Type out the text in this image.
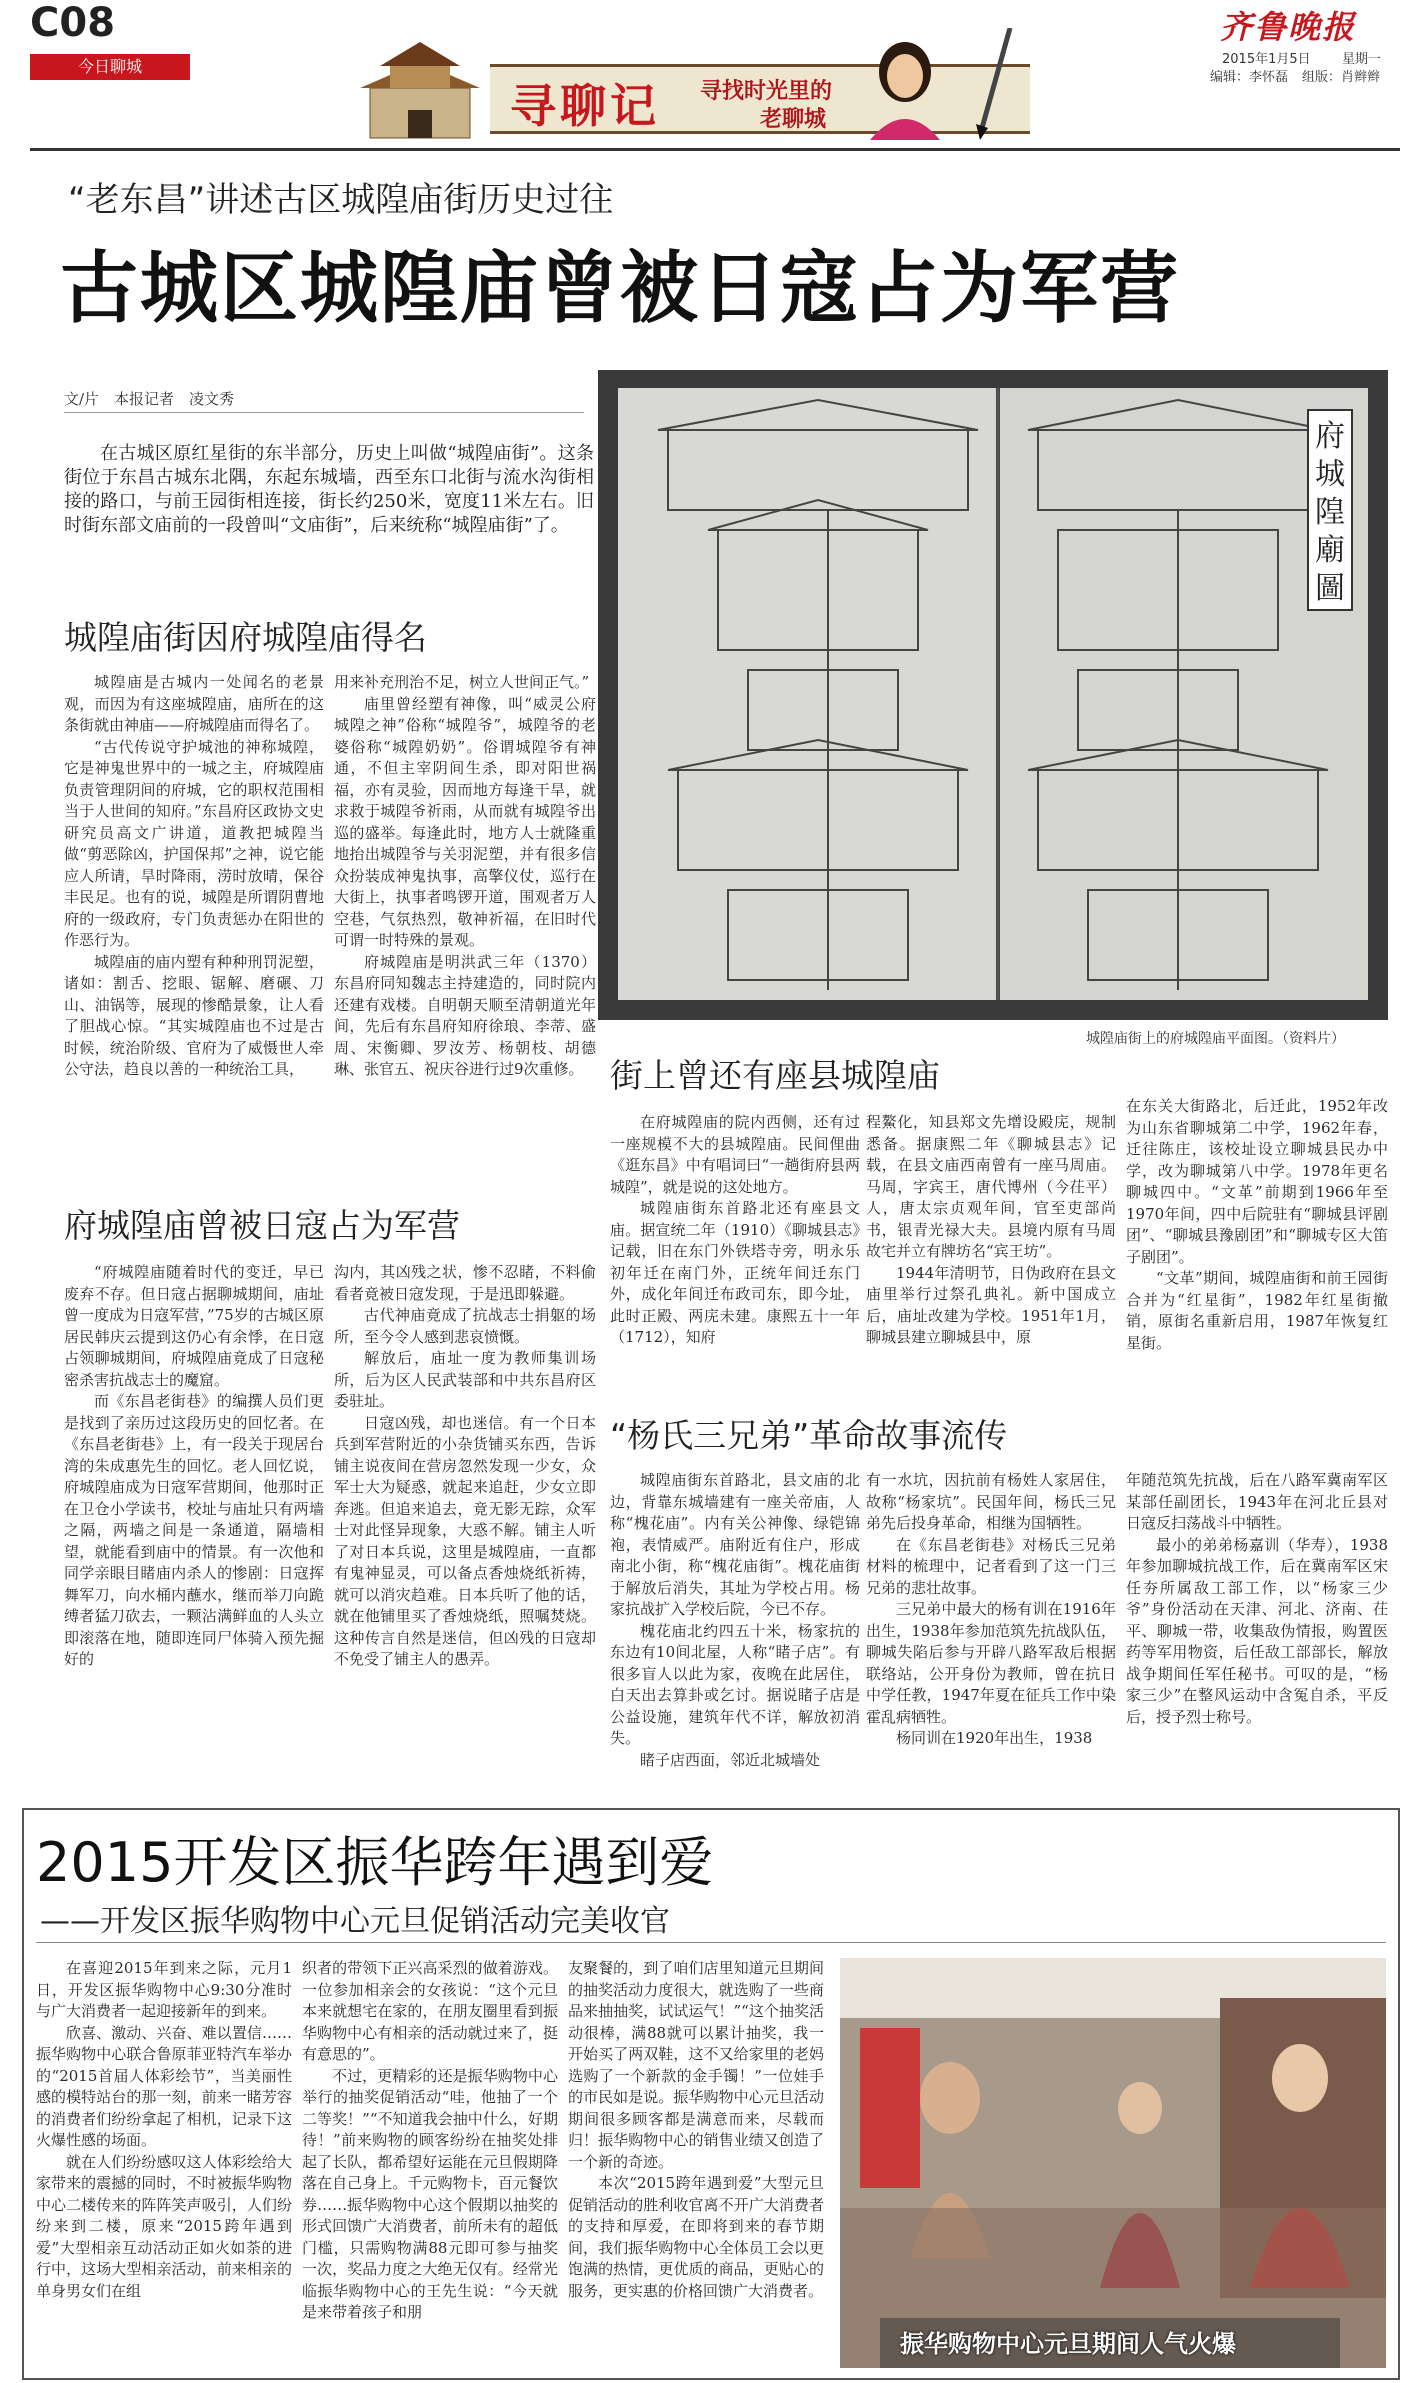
C08
今日聊城
寻聊记 寻找时光里的
老聊城
齐鲁晚报
2015年1月5日 星期一
编辑：李怀磊 组版：肖辫辫
“老东昌”讲述古区城隍庙街历史过往
古城区城隍庙曾被日寇占为军营
文/片　本报记者　凌文秀

在古城区原红星街的东半部分，历史上叫做“城隍庙街”。这条街位于东昌古城东北隅，东起东城墙，西至东口北街与流水沟街相接的路口，与前王园街相连接，街长约250米，宽度11米左右。旧时街东部文庙前的一段曾叫“文庙街”，后来统称“城隍庙街”了。

城隍庙街因府城隍庙得名

城隍庙是古城内一处闻名的老景观，而因为有这座城隍庙，庙所在的这条街就由神庙——府城隍庙而得名了。

“古代传说守护城池的神称城隍，它是神鬼世界中的一城之主，府城隍庙负责管理阴间的府城，它的职权范围相当于人世间的知府。”东昌府区政协文史研究员高文广讲道，道教把城隍当做“剪恶除凶，护国保邦”之神，说它能应人所请，旱时降雨，涝时放晴，保谷丰民足。也有的说，城隍是所谓阴曹地府的一级政府，专门负责惩办在阳世的作恶行为。

城隍庙的庙内塑有种种刑罚泥塑，诸如：割舌、挖眼、锯解、磨碾、刀山、油锅等，展现的惨酷景象，让人看了胆战心惊。“其实城隍庙也不过是古时候，统治阶级、官府为了威慑世人牵公守法，趋良以善的一种统治工具，

用来补充刑治不足，树立人世间正气。”

庙里曾经塑有神像，叫“威灵公府城隍之神”俗称“城隍爷”，城隍爷的老婆俗称“城隍奶奶”。俗谓城隍爷有神通，不但主宰阴间生杀，即对阳世祸福，亦有灵验，因而地方每逢干旱，就求救于城隍爷祈雨，从而就有城隍爷出巡的盛举。每逢此时，地方人士就隆重地抬出城隍爷与关羽泥塑，并有很多信众扮装成神鬼执事，高擎仪仗，巡行在大街上，执事者鸣锣开道，围观者万人空巷，气氛热烈，敬神祈福，在旧时代可谓一时特殊的景观。

府城隍庙是明洪武三年（1370）东昌府同知魏志主持建造的，同时院内还建有戏楼。自明朝天顺至清朝道光年间，先后有东昌府知府徐琅、李蒂、盛周、宋衡卿、罗汝芳、杨朝枝、胡德琳、张官五、祝庆谷进行过9次重修。

府城隍庙曾被日寇占为军营

“府城隍庙随着时代的变迁，早已废弃不存。但日寇占据聊城期间，庙址曾一度成为日寇军营，”75岁的古城区原居民韩庆云提到这仍心有余悸，在日寇占领聊城期间，府城隍庙竟成了日寇秘密杀害抗战志士的魔窟。

而《东昌老街巷》的编撰人员们更是找到了亲历过这段历史的回忆者。在《东昌老街巷》上，有一段关于现居台湾的朱成惠先生的回忆。老人回忆说，府城隍庙成为日寇军营期间，他那时正在卫仓小学读书，校址与庙址只有两墙之隔，两墙之间是一条通道，隔墙相望，就能看到庙中的情景。有一次他和同学亲眼目睹庙内杀人的惨剧：日寇挥舞军刀，向水桶内蘸水，继而举刀向跪缚者猛刀砍去，一颗沾满鲜血的人头立即滚落在地，随即连同尸体骑入预先掘好的

沟内，其凶残之状，惨不忍睹，不料偷看者竟被日寇发现，于是迅即躲避。

古代神庙竟成了抗战志士捐躯的场所，至今令人感到悲哀愤慨。

解放后，庙址一度为教师集训场所，后为区人民武装部和中共东昌府区委驻址。

日寇凶残，却也迷信。有一个日本兵到军营附近的小杂货铺买东西，告诉铺主说夜间在营房忽然发现一少女，众军士大为疑惑，就起来追赶，少女立即奔逃。但追来追去，竟无影无踪，众军士对此怪异现象，大惑不解。铺主人听了对日本兵说，这里是城隍庙，一直都有鬼神显灵，可以备点香烛烧纸祈祷，就可以消灾趋难。日本兵听了他的话，就在他铺里买了香烛烧纸，照嘱焚烧。这种传言自然是迷信，但凶残的日寇却不免受了铺主人的愚弄。

府城隍廟圖
城隍庙街上的府城隍庙平面图。（资料片）
街上曾还有座县城隍庙

在府城隍庙的院内西侧，还有过一座规模不大的县城隍庙。民间俚曲《逛东昌》中有唱词曰“一趟街府县两城隍”，就是说的这处地方。

城隍庙街东首路北还有座县文庙。据宣统二年（1910）《聊城县志》记载，旧在东门外铁塔寺旁，明永乐初年迁在南门外，正统年间迁东门外，成化年间迁布政司东，即今址，此时正殿、两庑未建。康熙五十一年（1712），知府

程鰲化，知县郑文先增设殿庑，规制悉备。据康熙二年《聊城县志》记载，在县文庙西南曾有一座马周庙。马周，字宾王，唐代博州（今茌平）人，唐太宗贞观年间，官至吏部尚书，银青光禄大夫。县境内原有马周故宅并立有牌坊名“宾王坊”。

1944年清明节，日伪政府在县文庙里举行过祭孔典礼。新中国成立后，庙址改建为学校。1951年1月，聊城县建立聊城县中，原

在东关大街路北，后迁此，1952年改为山东省聊城第二中学，1962年春，迁往陈庄，该校址设立聊城县民办中学，改为聊城第八中学。1978年更名聊城四中。“文革”前期到1966年至1970年间，四中后院驻有“聊城县评剧团”、“聊城县豫剧团”和“聊城专区大笛子剧团”。

“文革”期间，城隍庙街和前王园街合并为“红星街”，1982年红星街撤销，原街名重新启用，1987年恢复红星街。

“杨氏三兄弟”革命故事流传

城隍庙街东首路北，县文庙的北边，背靠东城墙建有一座关帝庙，人称“槐花庙”。内有关公神像、绿铠锦袍，表情威严。庙附近有住户，形成南北小街，称“槐花庙街”。槐花庙街于解放后消失，其址为学校占用。杨家抗战扩入学校后院，今已不存。

槐花庙北约四五十米，杨家抗的东边有10间北屋，人称“睹子店”。有很多盲人以此为家，夜晚在此居住，白天出去算卦或乞讨。据说睹子店是公益设施，建筑年代不详，解放初消失。

睹子店西面，邻近北城墙处

有一水坑，因抗前有杨姓人家居住，故称“杨家坑”。民国年间，杨氏三兄弟先后投身革命，相继为国牺牲。

在《东昌老街巷》对杨氏三兄弟材料的梳理中，记者看到了这一门三兄弟的悲壮故事。

三兄弟中最大的杨有训在1916年出生，1938年参加范筑先抗战队伍，聊城失陷后参与开辟八路军敌后根据联络站，公开身份为教师，曾在抗日中学任教，1947年夏在征兵工作中染霍乱病牺牲。

杨同训在1920年出生，1938

年随范筑先抗战，后在八路军冀南军区某部任副团长，1943年在河北丘县对日寇反扫荡战斗中牺牲。

最小的弟弟杨嘉训（华寿），1938年参加聊城抗战工作，后在冀南军区宋任夯所属敌工部工作，以“杨家三少爷”身份活动在天津、河北、济南、茌平、聊城一带，收集敌伪情报，购置医药等军用物资，后任敌工部部长，解放战争期间任军任秘书。可叹的是，“杨家三少”在整风运动中含冤自杀，平反后，授予烈士称号。

2015开发区振华跨年遇到爱
——开发区振华购物中心元旦促销活动完美收官

在喜迎2015年到来之际，元月1日，开发区振华购物中心9:30分准时与广大消费者一起迎接新年的到来。

欣喜、激动、兴奋、难以置信……振华购物中心联合鲁原菲亚特汽车举办的“2015首届人体彩绘节”，当美丽性感的模特站台的那一刻，前来一睹芳容的消费者们纷纷拿起了相机，记录下这火爆性感的场面。

就在人们纷纷感叹这人体彩绘给大家带来的震撼的同时，不时被振华购物中心二楼传来的阵阵笑声吸引，人们纷纷来到二楼，原来“2015跨年遇到爱”大型相亲互动活动正如火如荼的进行中，这场大型相亲活动，前来相亲的单身男女们在组

织者的带领下正兴高采烈的做着游戏。一位参加相亲会的女孩说：“这个元旦本来就想宅在家的，在朋友圈里看到振华购物中心有相亲的活动就过来了，挺有意思的”。

不过，更精彩的还是振华购物中心举行的抽奖促销活动“哇，他抽了一个二等奖！”“不知道我会抽中什么，好期待！”前来购物的顾客纷纷在抽奖处排起了长队，都希望好运能在元旦假期降落在自己身上。千元购物卡，百元餐饮券……振华购物中心这个假期以抽奖的形式回馈广大消费者，前所未有的超低门槛，只需购物满88元即可参与抽奖一次，奖品力度之大绝无仅有。经常光临振华购物中心的王先生说：“今天就是来带着孩子和朋

友聚餐的，到了咱们店里知道元旦期间的抽奖活动力度很大，就选购了一些商品来抽抽奖，试试运气！”“这个抽奖活动很棒，满88就可以累计抽奖，我一开始买了两双鞋，这不又给家里的老妈选购了一个新款的金手镯！”一位娃手的市民如是说。振华购物中心元旦活动期间很多顾客都是满意而来，尽载而归！振华购物中心的销售业绩又创造了一个新的奇迹。

本次“2015跨年遇到爱”大型元旦促销活动的胜利收官离不开广大消费者的支持和厚爱，在即将到来的春节期间，我们振华购物中心全体员工会以更饱满的热情，更优质的商品，更贴心的服务，更实惠的价格回馈广大消费者。

振华购物中心元旦期间人气火爆
